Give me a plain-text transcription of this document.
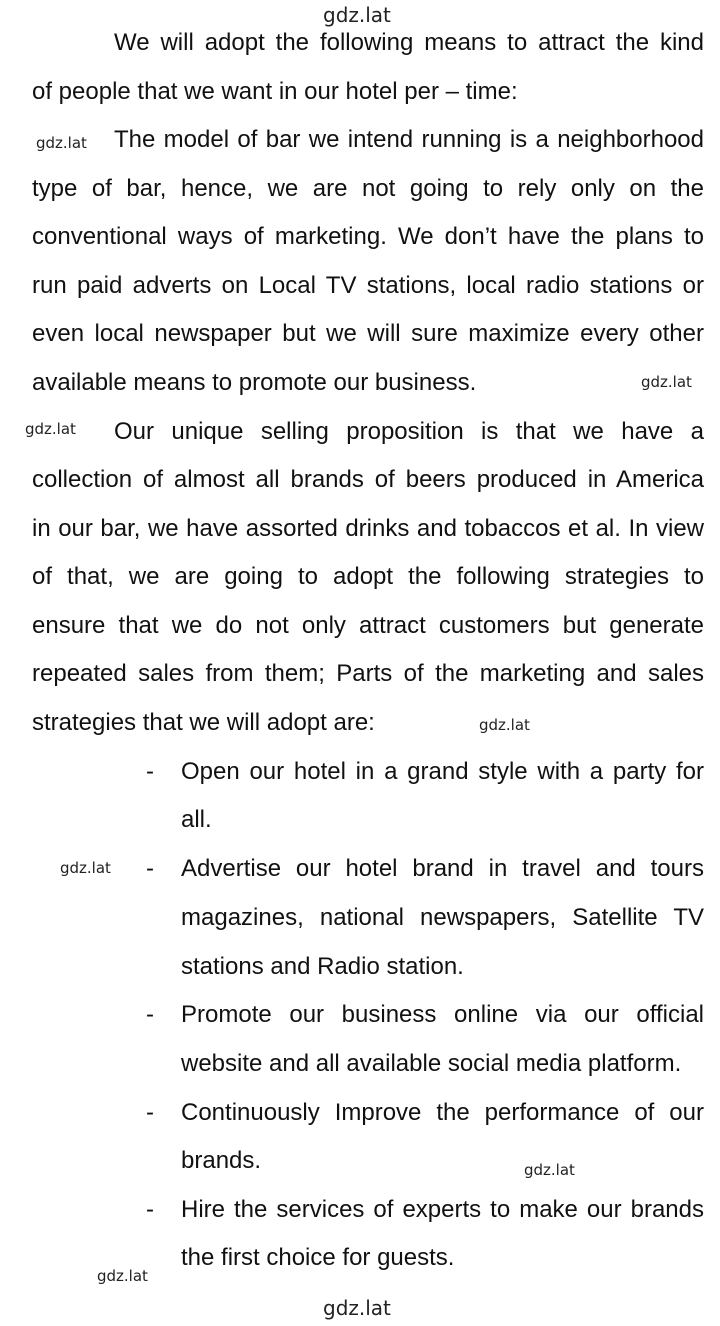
gdz.lat
gdz.lat
gdz.lat
gdz.lat
gdz.lat
gdz.lat
gdz.lat
gdz.lat
gdz.lat
We will adopt the following means to attract the kind
of people that we want in our hotel per – time:
The model of bar we intend running is a neighborhood
type of bar, hence, we are not going to rely only on the
conventional ways of marketing. We don’t have the plans to
run paid adverts on Local TV stations, local radio stations or
even local newspaper but we will sure maximize every other
available means to promote our business.
Our unique selling proposition is that we have a
collection of almost all brands of beers produced in America
in our bar, we have assorted drinks and tobaccos et al. In view
of that, we are going to adopt the following strategies to
ensure that we do not only attract customers but generate
repeated sales from them; Parts of the marketing and sales
strategies that we will adopt are:
- Open our hotel in a grand style with a party for
all.
- Advertise our hotel brand in travel and tours
magazines, national newspapers, Satellite TV
stations and Radio station.
- Promote our business online via our official
website and all available social media platform.
- Continuously Improve the performance of our
brands.
- Hire the services of experts to make our brands
the first choice for guests.
